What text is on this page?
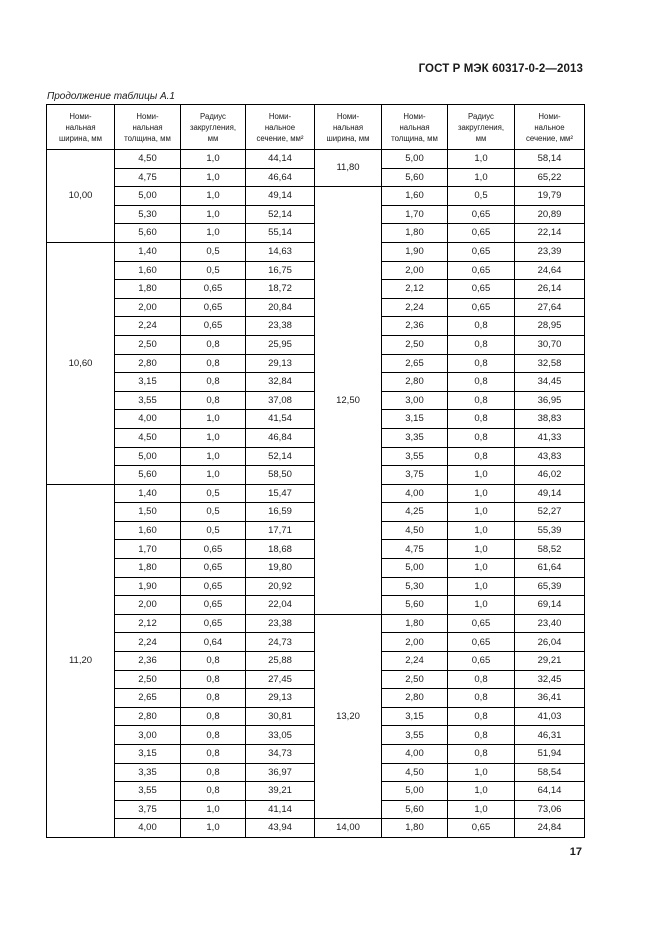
ГОСТ Р МЭК 60317-0-2—2013
Продолжение таблицы А.1
Номи-
нальная
ширина, мм	Номи-
нальная
толщина, мм	Радиус
закругления,
мм	Номи-
нальное
сечение, мм²	Номи-
нальная
ширина, мм	Номи-
нальная
толщина, мм	Радиус
закругления,
мм	Номи-
нальное
сечение, мм²
10,00	4,50	1,0	44,14	11,80	5,00	1,0	58,14
	4,75	1,0	46,64		5,60	1,0	65,22
	5,00	1,0	49,14	12,50	1,60	0,5	19,79
	5,30	1,0	52,14		1,70	0,65	20,89
	5,60	1,0	55,14		1,80	0,65	22,14
10,60	1,40	0,5	14,63		1,90	0,65	23,39
	1,60	0,5	16,75		2,00	0,65	24,64
	1,80	0,65	18,72		2,12	0,65	26,14
	2,00	0,65	20,84		2,24	0,65	27,64
	2,24	0,65	23,38		2,36	0,8	28,95
	2,50	0,8	25,95		2,50	0,8	30,70
	2,80	0,8	29,13		2,65	0,8	32,58
	3,15	0,8	32,84		2,80	0,8	34,45
	3,55	0,8	37,08		3,00	0,8	36,95
	4,00	1,0	41,54		3,15	0,8	38,83
	4,50	1,0	46,84		3,35	0,8	41,33
	5,00	1,0	52,14		3,55	0,8	43,83
	5,60	1,0	58,50		3,75	1,0	46,02
11,20	1,40	0,5	15,47		4,00	1,0	49,14
	1,50	0,5	16,59		4,25	1,0	52,27
	1,60	0,5	17,71		4,50	1,0	55,39
	1,70	0,65	18,68		4,75	1,0	58,52
	1,80	0,65	19,80		5,00	1,0	61,64
	1,90	0,65	20,92		5,30	1,0	65,39
	2,00	0,65	22,04		5,60	1,0	69,14
	2,12	0,65	23,38	13,20	1,80	0,65	23,40
	2,24	0,64	24,73		2,00	0,65	26,04
	2,36	0,8	25,88		2,24	0,65	29,21
	2,50	0,8	27,45		2,50	0,8	32,45
	2,65	0,8	29,13		2,80	0,8	36,41
	2,80	0,8	30,81		3,15	0,8	41,03
	3,00	0,8	33,05		3,55	0,8	46,31
	3,15	0,8	34,73		4,00	0,8	51,94
	3,35	0,8	36,97		4,50	1,0	58,54
	3,55	0,8	39,21		5,00	1,0	64,14
	3,75	1,0	41,14		5,60	1,0	73,06
	4,00	1,0	43,94	14,00	1,80	0,65	24,84
17
